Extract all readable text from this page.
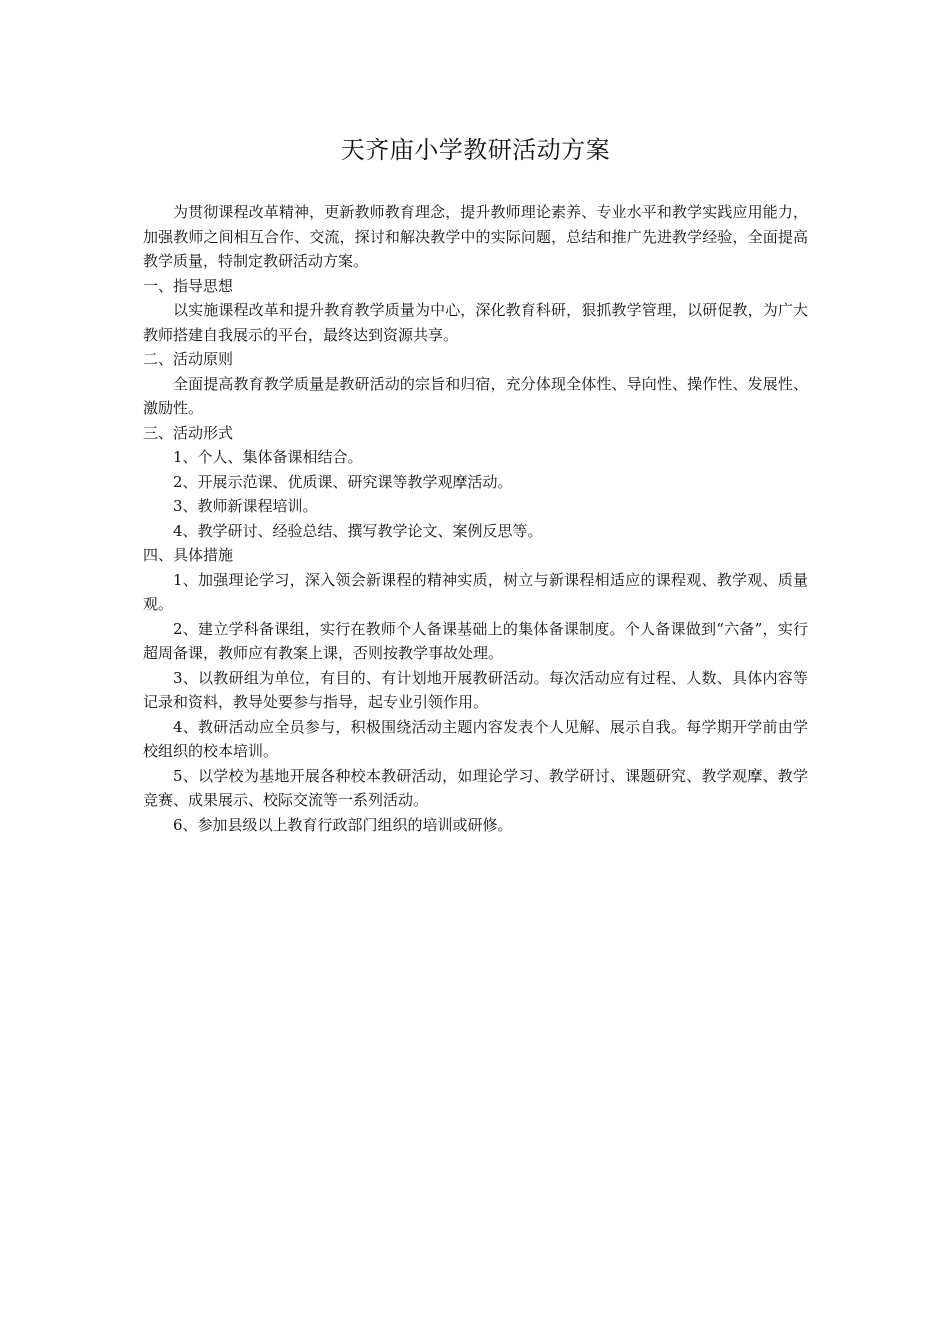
天齐庙小学教研活动方案

为贯彻课程改革精神，更新教师教育理念，提升教师理论素养、专业水平和教学实践应用能力，加强教师之间相互合作、交流，探讨和解决教学中的实际问题，总结和推广先进教学经验，全面提高教学质量，特制定教研活动方案。

一、指导思想

以实施课程改革和提升教育教学质量为中心，深化教育科研，狠抓教学管理，以研促教，为广大教师搭建自我展示的平台，最终达到资源共享。

二、活动原则

全面提高教育教学质量是教研活动的宗旨和归宿，充分体现全体性、导向性、操作性、发展性、激励性。

三、活动形式

1、个人、集体备课相结合。

2、开展示范课、优质课、研究课等教学观摩活动。

3、教师新课程培训。

4、教学研讨、经验总结、撰写教学论文、案例反思等。

四、具体措施

1、加强理论学习，深入领会新课程的精神实质，树立与新课程相适应的课程观、教学观、质量观。

2、建立学科备课组，实行在教师个人备课基础上的集体备课制度。个人备课做到“六备”，实行超周备课，教师应有教案上课，否则按教学事故处理。

3、以教研组为单位，有目的、有计划地开展教研活动。每次活动应有过程、人数、具体内容等记录和资料，教导处要参与指导，起专业引领作用。

4、教研活动应全员参与，积极围绕活动主题内容发表个人见解、展示自我。每学期开学前由学校组织的校本培训。

5、以学校为基地开展各种校本教研活动，如理论学习、教学研讨、课题研究、教学观摩、教学竞赛、成果展示、校际交流等一系列活动。

6、参加县级以上教育行政部门组织的培训或研修。
